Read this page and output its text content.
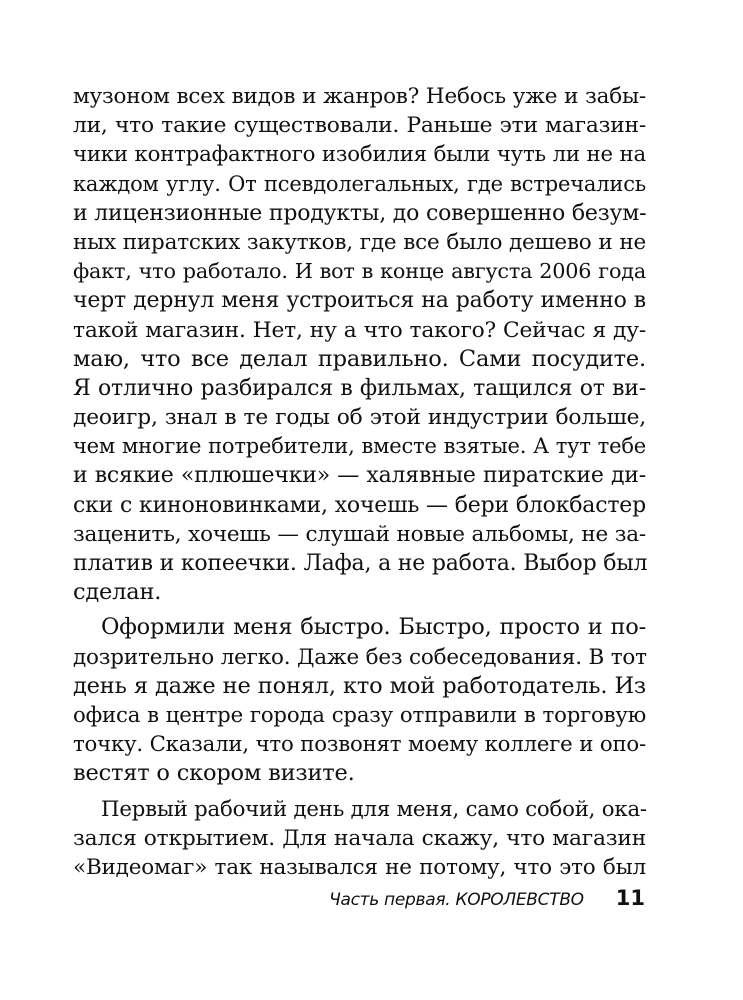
музоном всех видов и жанров? Небось уже и забы-
ли, что такие существовали. Раньше эти магазин-
чики контрафактного изобилия были чуть ли не на
каждом углу. От псевдолегальных, где встречались
и лицензионные продукты, до совершенно безум-
ных пиратских закутков, где все было дешево и не
факт, что работало. И вот в конце августа 2006 года
черт дернул меня устроиться на работу именно в
такой магазин. Нет, ну а что такого? Сейчас я ду-
маю, что все делал правильно. Сами посудите.
Я отлично разбирался в фильмах, тащился от ви-
деоигр, знал в те годы об этой индустрии больше,
чем многие потребители, вместе взятые. А тут тебе
и всякие «плюшечки» — халявные пиратские ди-
ски с киноновинками, хочешь — бери блокбастер
заценить, хочешь — слушай новые альбомы, не за-
платив и копеечки. Лафа, а не работа. Выбор был
сделан.
Оформили меня быстро. Быстро, просто и по-
дозрительно легко. Даже без собеседования. В тот
день я даже не понял, кто мой работодатель. Из
офиса в центре города сразу отправили в торговую
точку. Сказали, что позвонят моему коллеге и опо-
вестят о скором визите.
Первый рабочий день для меня, само собой, ока-
зался открытием. Для начала скажу, что магазин
«Видеомаг» так назывался не потому, что это был
Часть первая. КОРОЛЕВСТВО 11
